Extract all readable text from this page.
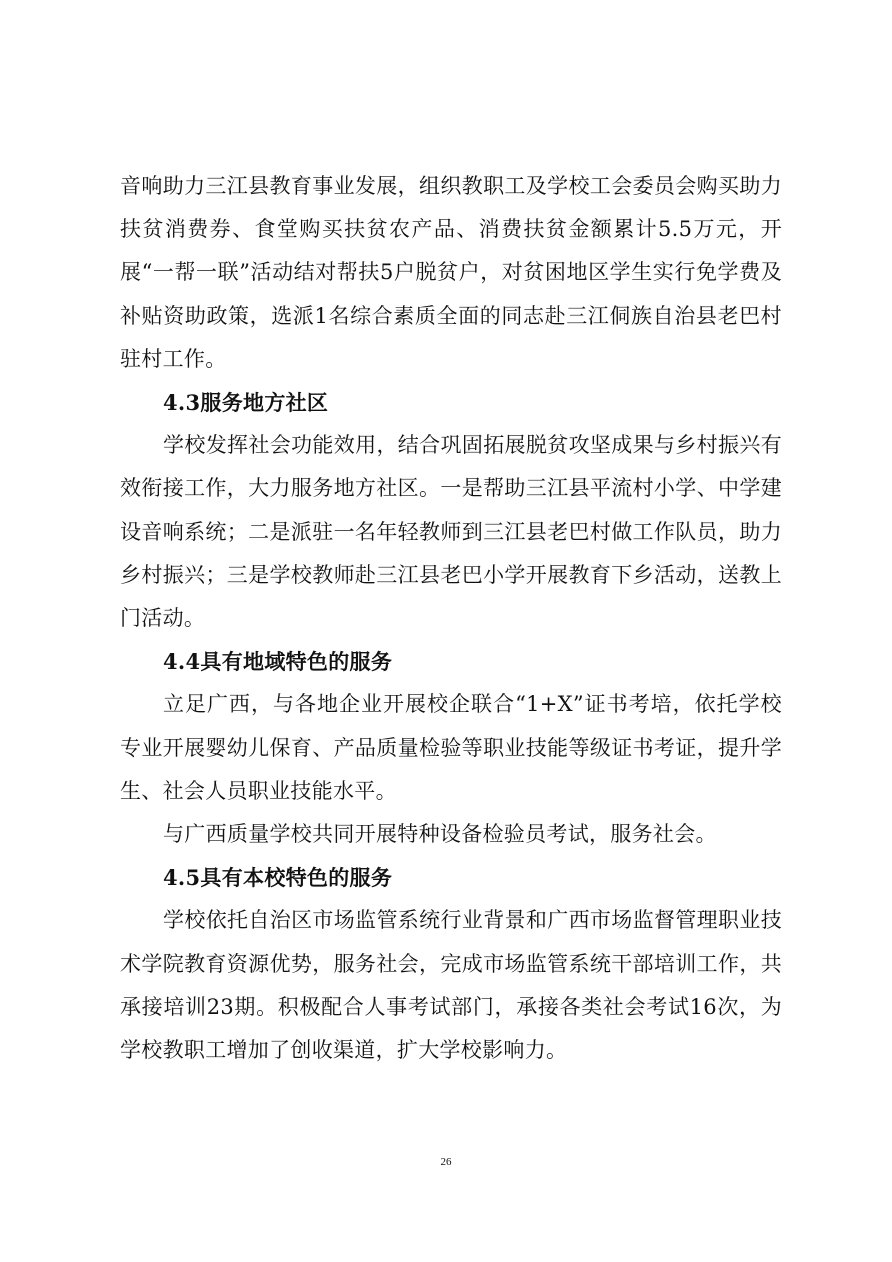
音响助力三江县教育事业发展，组织教职工及学校工会委员会购买助力扶贫消费券、食堂购买扶贫农产品、消费扶贫金额累计5.5万元，开展“一帮一联”活动结对帮扶5户脱贫户，对贫困地区学生实行免学费及补贴资助政策，选派1名综合素质全面的同志赴三江侗族自治县老巴村驻村工作。

4.3服务地方社区

学校发挥社会功能效用，结合巩固拓展脱贫攻坚成果与乡村振兴有效衔接工作，大力服务地方社区。一是帮助三江县平流村小学、中学建设音响系统；二是派驻一名年轻教师到三江县老巴村做工作队员，助力乡村振兴；三是学校教师赴三江县老巴小学开展教育下乡活动，送教上门活动。

4.4具有地域特色的服务

立足广西，与各地企业开展校企联合“1+X”证书考培，依托学校专业开展婴幼儿保育、产品质量检验等职业技能等级证书考证，提升学生、社会人员职业技能水平。

与广西质量学校共同开展特种设备检验员考试，服务社会。

4.5具有本校特色的服务

学校依托自治区市场监管系统行业背景和广西市场监督管理职业技术学院教育资源优势，服务社会，完成市场监管系统干部培训工作，共承接培训23期。积极配合人事考试部门，承接各类社会考试16次，为学校教职工增加了创收渠道，扩大学校影响力。

26
